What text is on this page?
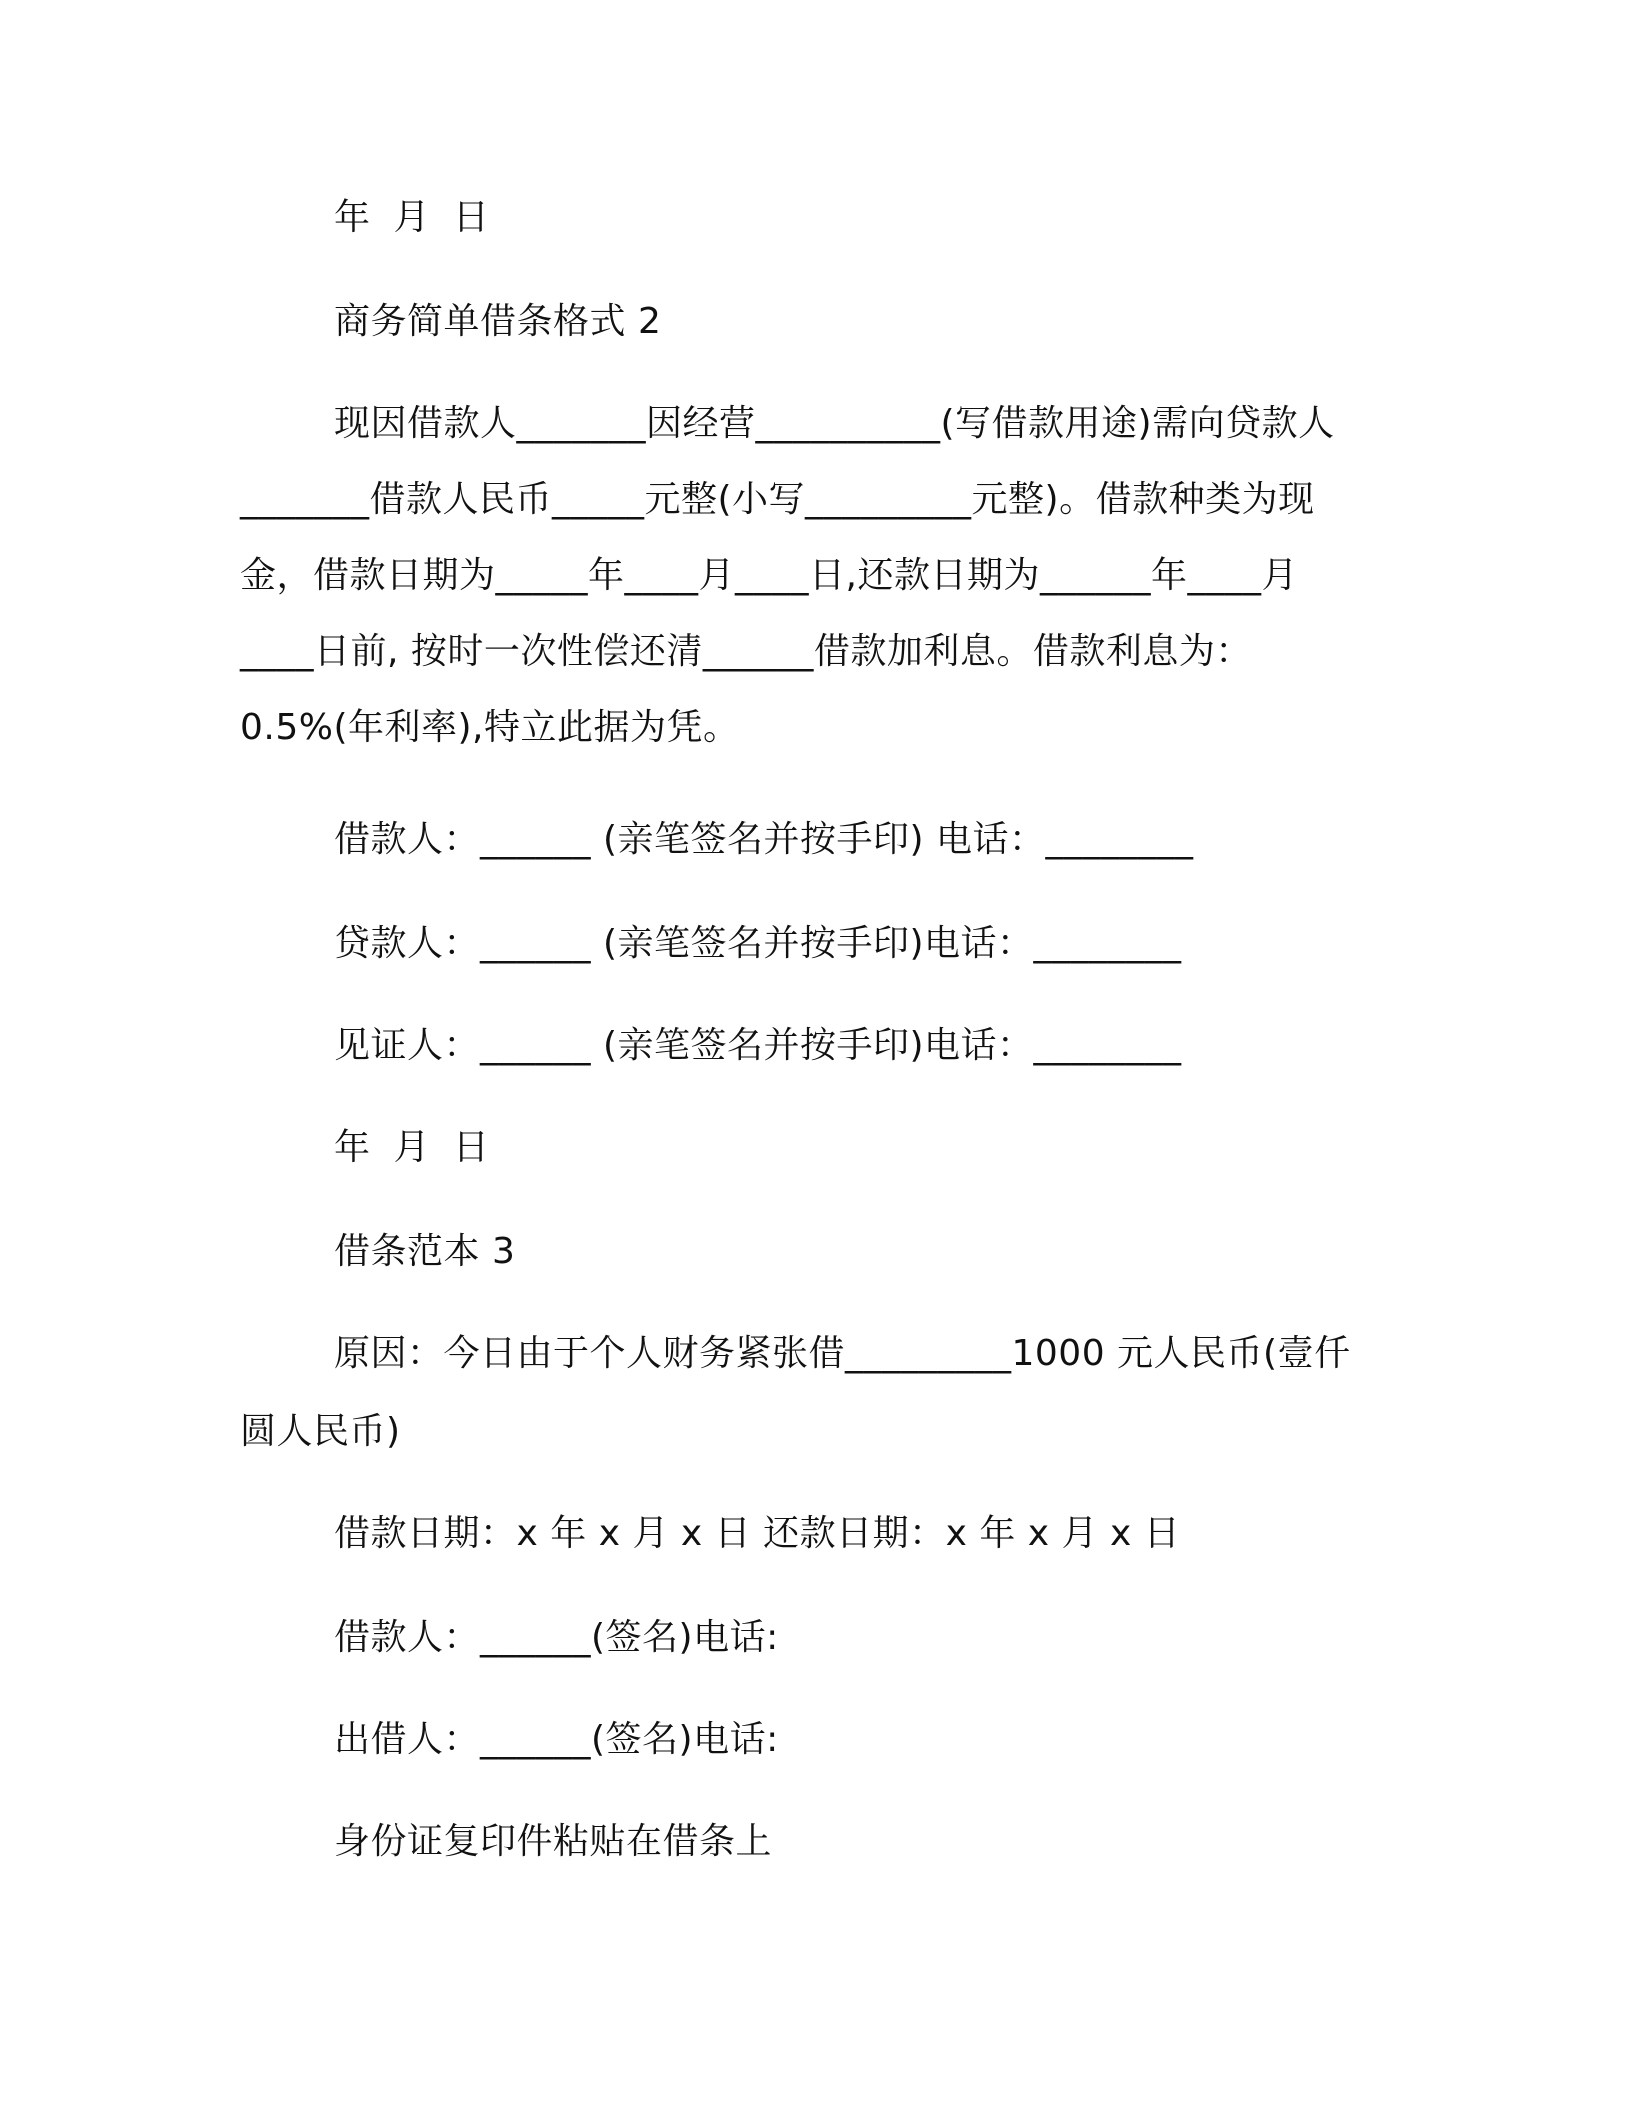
年 月 日
商务简单借条格式 2
现因借款人_______因经营__________(写借款用途)需向贷款人
_______借款人民币_____元整(小写_________元整)。借款种类为现
金，借款日期为_____年____月____日,还款日期为______年____月
____日前, 按时一次性偿还清______借款加利息。借款利息为：
0.5%(年利率),特立此据为凭。
借款人：______ (亲笔签名并按手印) 电话：________
贷款人：______ (亲笔签名并按手印)电话：________
见证人：______ (亲笔签名并按手印)电话：________
年 月 日
借条范本 3
原因：今日由于个人财务紧张借_________1000 元人民币(壹仟
圆人民币)
借款日期：x 年 x 月 x 日 还款日期：x 年 x 月 x 日
借款人：______(签名)电话:
出借人：______(签名)电话:
身份证复印件粘贴在借条上
